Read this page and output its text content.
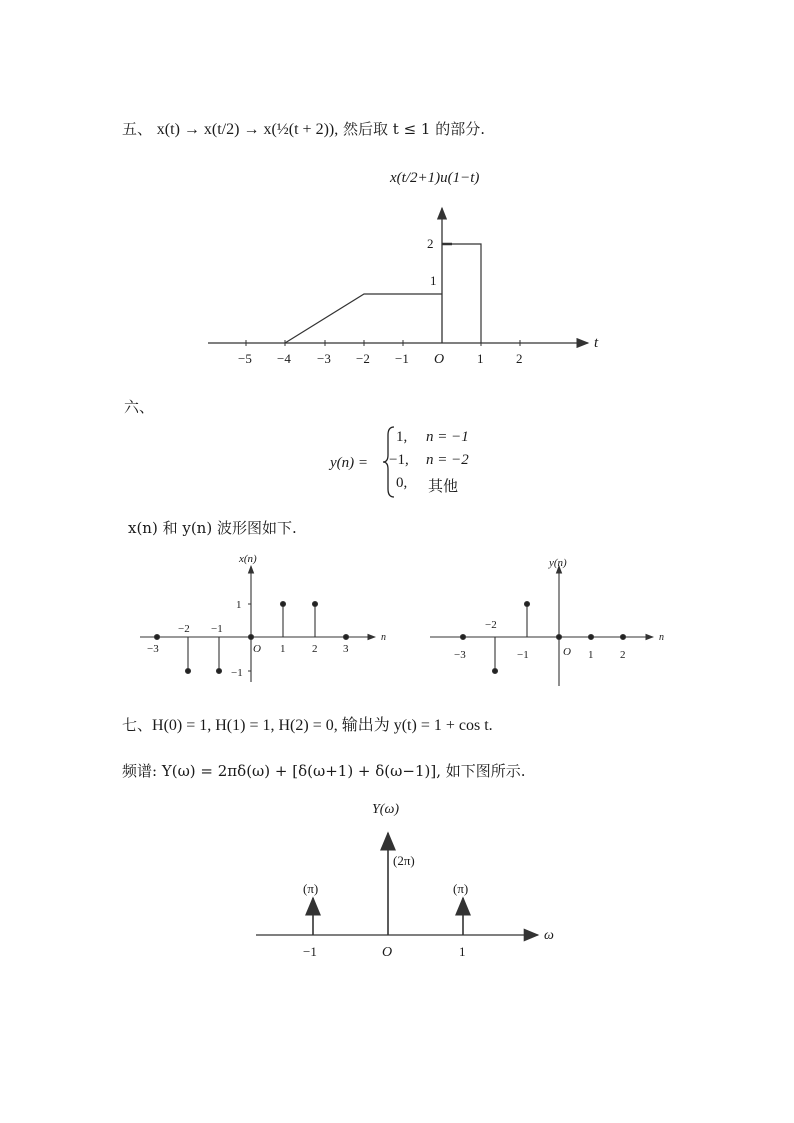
五、 x(t) → x(t/2) → x(½(t + 2)), 然后取 t ≤ 1 的部分.
x(t/2+1)u(1−t)
t
1
2
−5 −4 −3 −2 −1 O	1	2
六、
y(n) =
1, n = −1
−1, n = −2
0, 其他
x(n) 和 y(n) 波形图如下.
x(n)
n
1
−1
−2 −1
−3	O 1 2 3
y(n)
n
−2
−3	−1	O 1 2
七、H(0) = 1, H(1) = 1, H(2) = 0, 输出为 y(t) = 1 + cos t.
频谱: Y(ω) = 2πδ(ω) + [δ(ω+1) + δ(ω−1)], 如下图所示.
Y(ω)
ω
(2π)
(π)	(π)
−1	O	1
